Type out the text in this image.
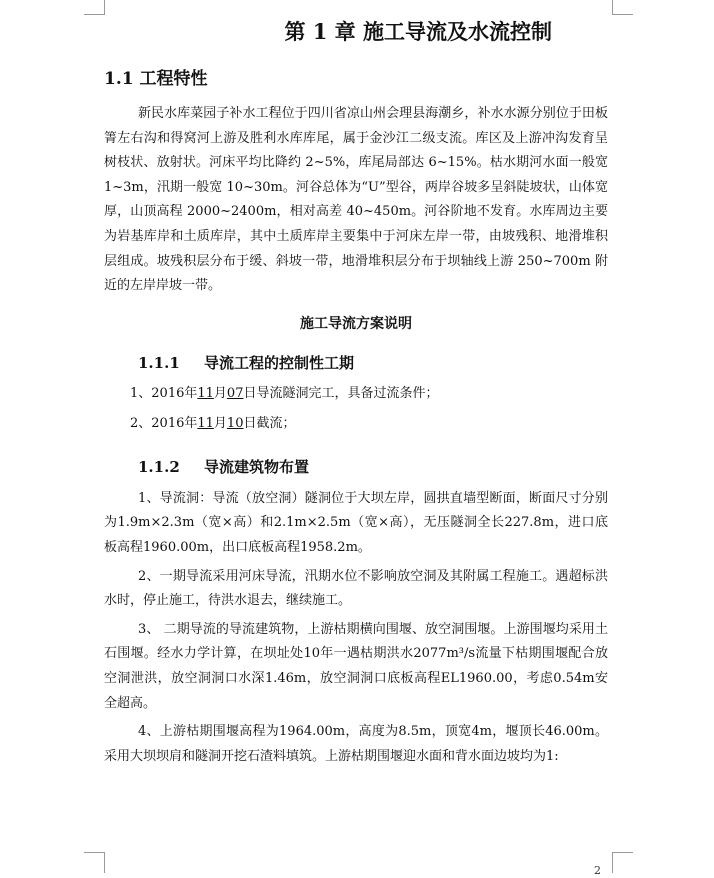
第 1 章 施工导流及水流控制
1.1 工程特性

新民水库菜园子补水工程位于四川省凉山州会理县海潮乡，补水水源分别位于田板箐左右沟和得窝河上游及胜利水库库尾，属于金沙江二级支流。库区及上游冲沟发育呈树枝状、放射状。河床平均比降约 2~5%，库尾局部达 6~15%。枯水期河水面一般宽 1~3m，汛期一般宽 10~30m。河谷总体为“U”型谷，两岸谷坡多呈斜陡坡状，山体宽厚，山顶高程 2000~2400m，相对高差 40~450m。河谷阶地不发育。水库周边主要为岩基库岸和土质库岸，其中土质库岸主要集中于河床左岸一带，由坡残积、地滑堆积层组成。坡残积层分布于缓、斜坡一带，地滑堆积层分布于坝轴线上游 250~700m 附近的左岸岸坡一带。

施工导流方案说明
1.1.1 导流工程的控制性工期
1、2016年11月07日导流隧洞完工，具备过流条件；
2、2016年11月10日截流；
1.1.2 导流建筑物布置

1、导流洞：导流（放空洞）隧洞位于大坝左岸，圆拱直墙型断面，断面尺寸分别为1.9m×2.3m（宽×高）和2.1m×2.5m（宽×高），无压隧洞全长227.8m，进口底板高程1960.00m，出口底板高程1958.2m。

2、一期导流采用河床导流，汛期水位不影响放空洞及其附属工程施工。遇超标洪水时，停止施工，待洪水退去，继续施工。

3、 二期导流的导流建筑物，上游枯期横向围堰、放空洞围堰。上游围堰均采用土石围堰。经水力学计算，在坝址处10年一遇枯期洪水2077m³/s流量下枯期围堰配合放空洞泄洪，放空洞洞口水深1.46m，放空洞洞口底板高程EL1960.00，考虑0.54m安全超高。

4、上游枯期围堰高程为1964.00m，高度为8.5m，顶宽4m，堰顶长46.00m。采用大坝坝肩和隧洞开挖石渣料填筑。上游枯期围堰迎水面和背水面边坡均为1:

2
